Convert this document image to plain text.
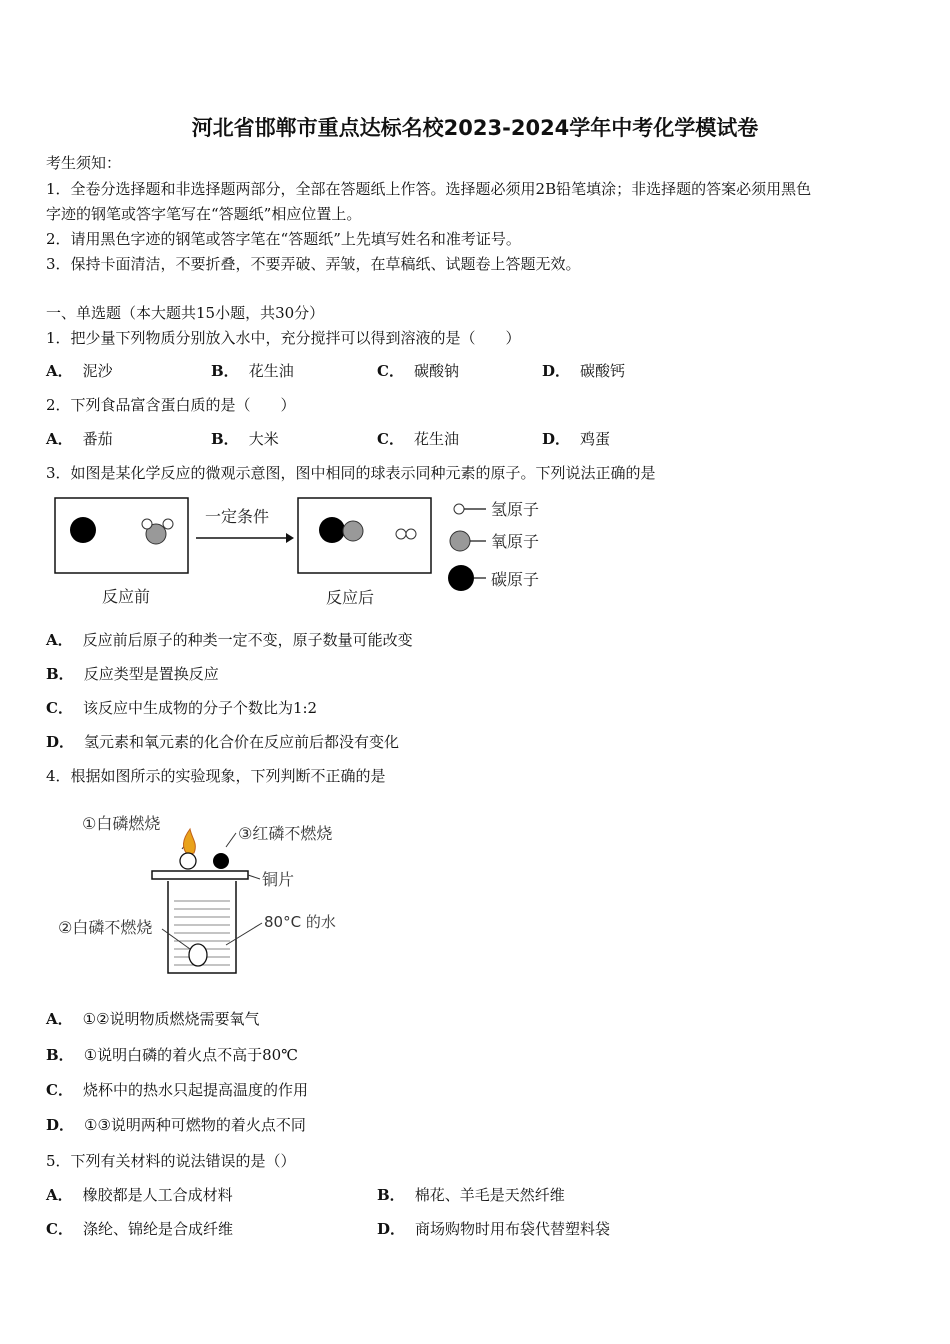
河北省邯郸市重点达标名校2023-2024学年中考化学模试卷
考生须知：
1．全卷分选择题和非选择题两部分，全部在答题纸上作答。选择题必须用2B铅笔填涂；非选择题的答案必须用黑色
字迹的钢笔或答字笔写在“答题纸”相应位置上。
2．请用黑色字迹的钢笔或答字笔在“答题纸”上先填写姓名和准考证号。
3．保持卡面清洁，不要折叠，不要弄破、弄皱，在草稿纸、试题卷上答题无效。
一、单选题（本大题共15小题，共30分）
1．把少量下列物质分别放入水中，充分搅拌可以得到溶液的是（　　）
A． 泥沙	B． 花生油	C． 碳酸钠	D． 碳酸钙
2．下列食品富含蛋白质的是（　　）
A． 番茄	B． 大米	C． 花生油	D． 鸡蛋
3．如图是某化学反应的微观示意图，图中相同的球表示同种元素的原子。下列说法正确的是
反应前
一定条件
反应后
氢原子
氧原子
碳原子
A． 反应前后原子的种类一定不变，原子数量可能改变
B． 反应类型是置换反应
C． 该反应中生成物的分子个数比为1:2
D． 氢元素和氧元素的化合价在反应前后都没有变化
4．根据如图所示的实验现象，下列判断不正确的是
①白磷燃烧
③红磷不燃烧
铜片
②白磷不燃烧	80°C 的水
A． ①②说明物质燃烧需要氧气
B． ①说明白磷的着火点不高于80℃
C． 烧杯中的热水只起提高温度的作用
D． ①③说明两种可燃物的着火点不同
5．下列有关材料的说法错误的是（）
A． 橡胶都是人工合成材料	B． 棉花、羊毛是天然纤维
C． 涤纶、锦纶是合成纤维	D． 商场购物时用布袋代替塑料袋
